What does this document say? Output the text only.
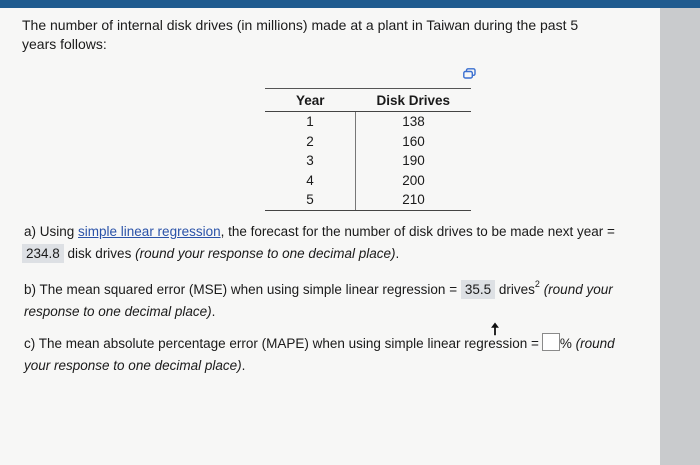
The number of internal disk drives (in millions) made at a plant in Taiwan during the past 5 years follows:
Year	Disk Drives
1	138
2	160
3	190
4	200
5	210
a) Using simple linear regression, the forecast for the number of disk drives to be made next year =
234.8 disk drives (round your response to one decimal place).
b) The mean squared error (MSE) when using simple linear regression = 35.5 drives$^2$ (round your response to one decimal place).
c) The mean absolute percentage error (MAPE) when using simple linear regression = % (round your response to one decimal place).
